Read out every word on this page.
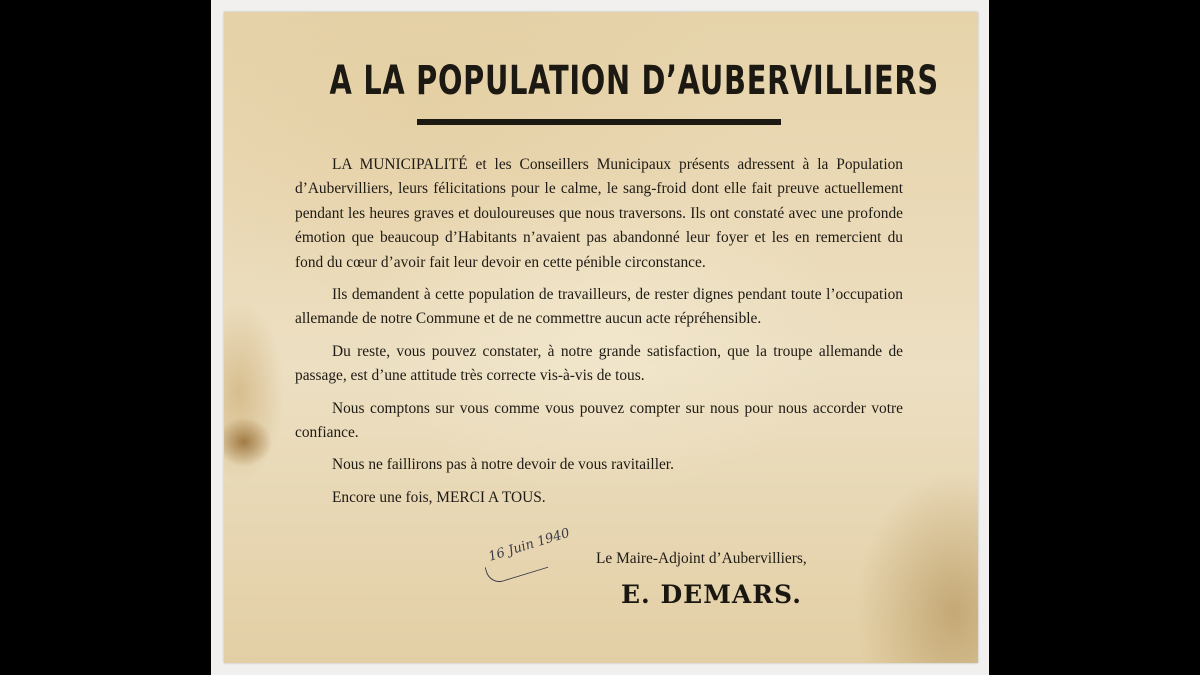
A LA POPULATION D’AUBERVILLIERS

LA MUNICIPALITÉ et les Conseillers Municipaux présents adressent à la Population d’Aubervilliers, leurs félicitations pour le calme, le sang-froid dont elle fait preuve actuellement pendant les heures graves et douloureuses que nous traversons. Ils ont constaté avec une profonde émotion que beaucoup d’Habitants n’avaient pas abandonné leur foyer et les en remercient du fond du cœur d’avoir fait leur devoir en cette pénible circonstance.

Ils demandent à cette population de travailleurs, de rester dignes pendant toute l’occupation allemande de notre Commune et de ne commettre aucun acte répréhensible.

Du reste, vous pouvez constater, à notre grande satisfaction, que la troupe allemande de passage, est d’une attitude très correcte vis-à-vis de tous.

Nous comptons sur vous comme vous pouvez compter sur nous pour nous accorder votre confiance.

Nous ne faillirons pas à notre devoir de vous ravitailler.

Encore une fois, MERCI A TOUS.

16 Juin 1940 Le Maire-Adjoint d’Aubervilliers,
E. DEMARS.
